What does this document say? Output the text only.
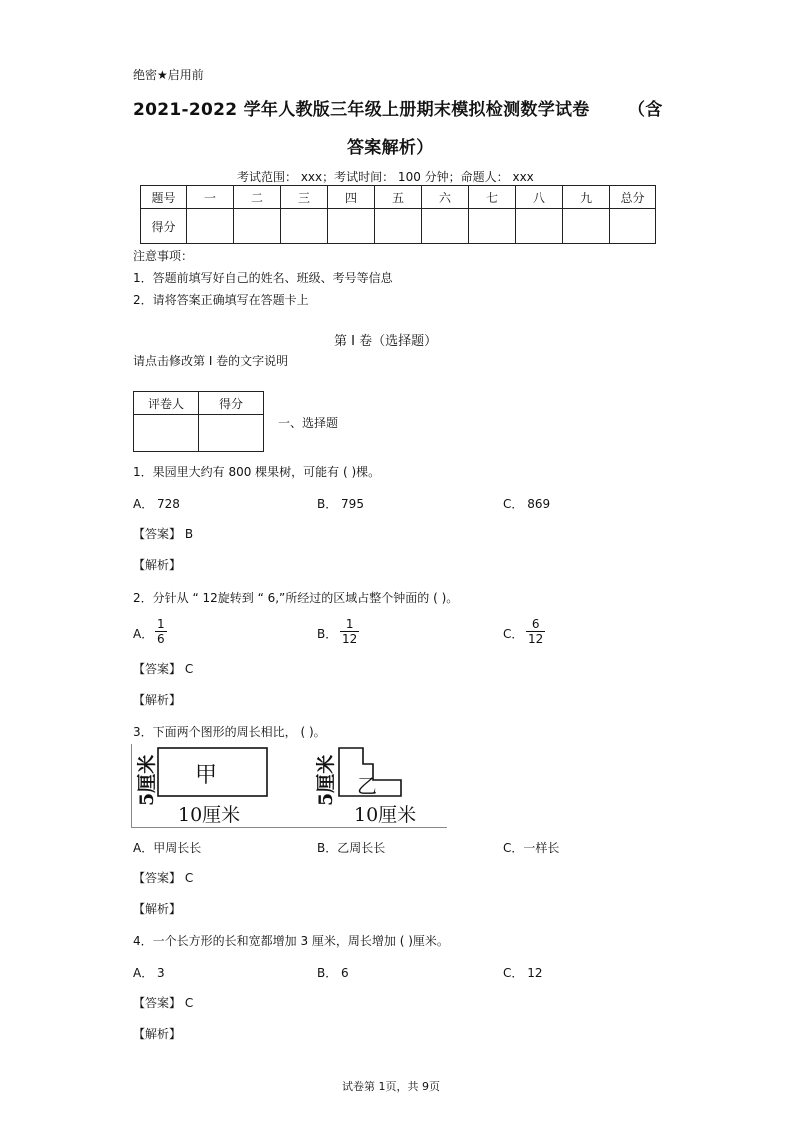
绝密★启用前
2021-2022 学年人教版三年级上册期末模拟检测数学试卷 （含
答案解析）
考试范围： xxx；考试时间： 100 分钟；命题人： xxx
题号	一	二	三	四	五	六	七	八	九	总分
得分										
注意事项：
1．答题前填写好自己的姓名、班级、考号等信息
2．请将答案正确填写在答题卡上
第 I 卷（选择题）
请点击修改第 I 卷的文字说明
评卷人	得分

一、选择题
1．果园里大约有 800 棵果树，可能有 ( )棵。
A． 728	B． 795	C． 869
【答案】 B
【解析】
2．分针从 “ 12旋转到 “ 6,”所经过的区域占整个钟面的 ( )。
A． $\frac{1}{6}$	B． $\frac{1}{12}$	C． $\frac{6}{12}$
【答案】 C
【解析】
3．下面两个图形的周长相比， ( )。
5厘米 甲
10厘米
5厘米 乙
10厘米
A．甲周长长	B．乙周长长	C．一样长
【答案】 C
【解析】
4．一个长方形的长和宽都增加 3 厘米，周长增加 ( )厘米。
A． 3	B． 6	C． 12
【答案】 C
【解析】
试卷第 1页，共 9页
